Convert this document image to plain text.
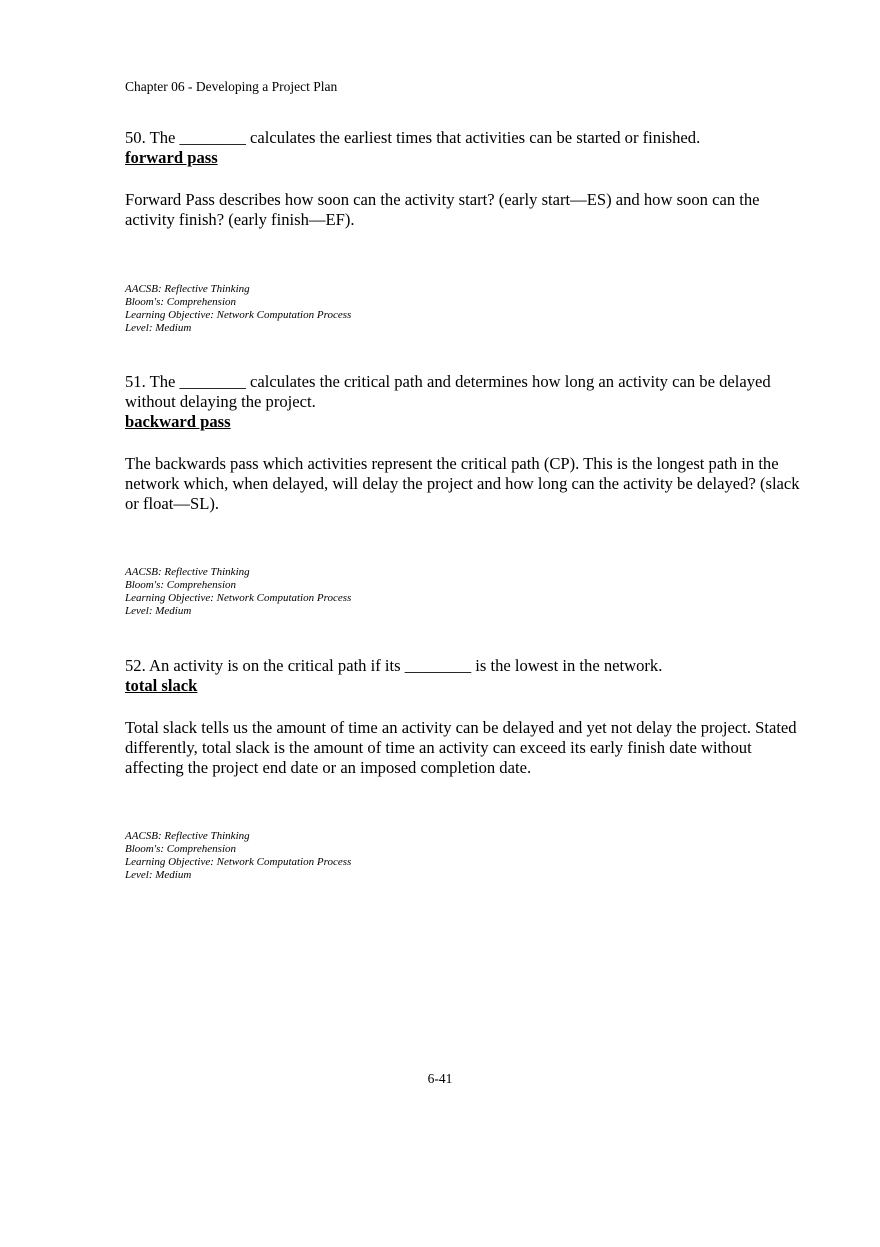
Chapter 06 - Developing a Project Plan

50. The ________ calculates the earliest times that activities can be started or finished.

forward pass

Forward Pass describes how soon can the activity start? (early start—ES) and how soon can the activity finish? (early finish—EF).

AACSB: Reflective Thinking
Bloom's: Comprehension
Learning Objective: Network Computation Process
Level: Medium

51. The ________ calculates the critical path and determines how long an activity can be delayed without delaying the project.

backward pass

The backwards pass which activities represent the critical path (CP). This is the longest path in the network which, when delayed, will delay the project and how long can the activity be delayed? (slack or float—SL).

AACSB: Reflective Thinking
Bloom's: Comprehension
Learning Objective: Network Computation Process
Level: Medium

52. An activity is on the critical path if its ________ is the lowest in the network.

total slack

Total slack tells us the amount of time an activity can be delayed and yet not delay the project. Stated differently, total slack is the amount of time an activity can exceed its early finish date without affecting the project end date or an imposed completion date.

AACSB: Reflective Thinking
Bloom's: Comprehension
Learning Objective: Network Computation Process
Level: Medium
6-41
